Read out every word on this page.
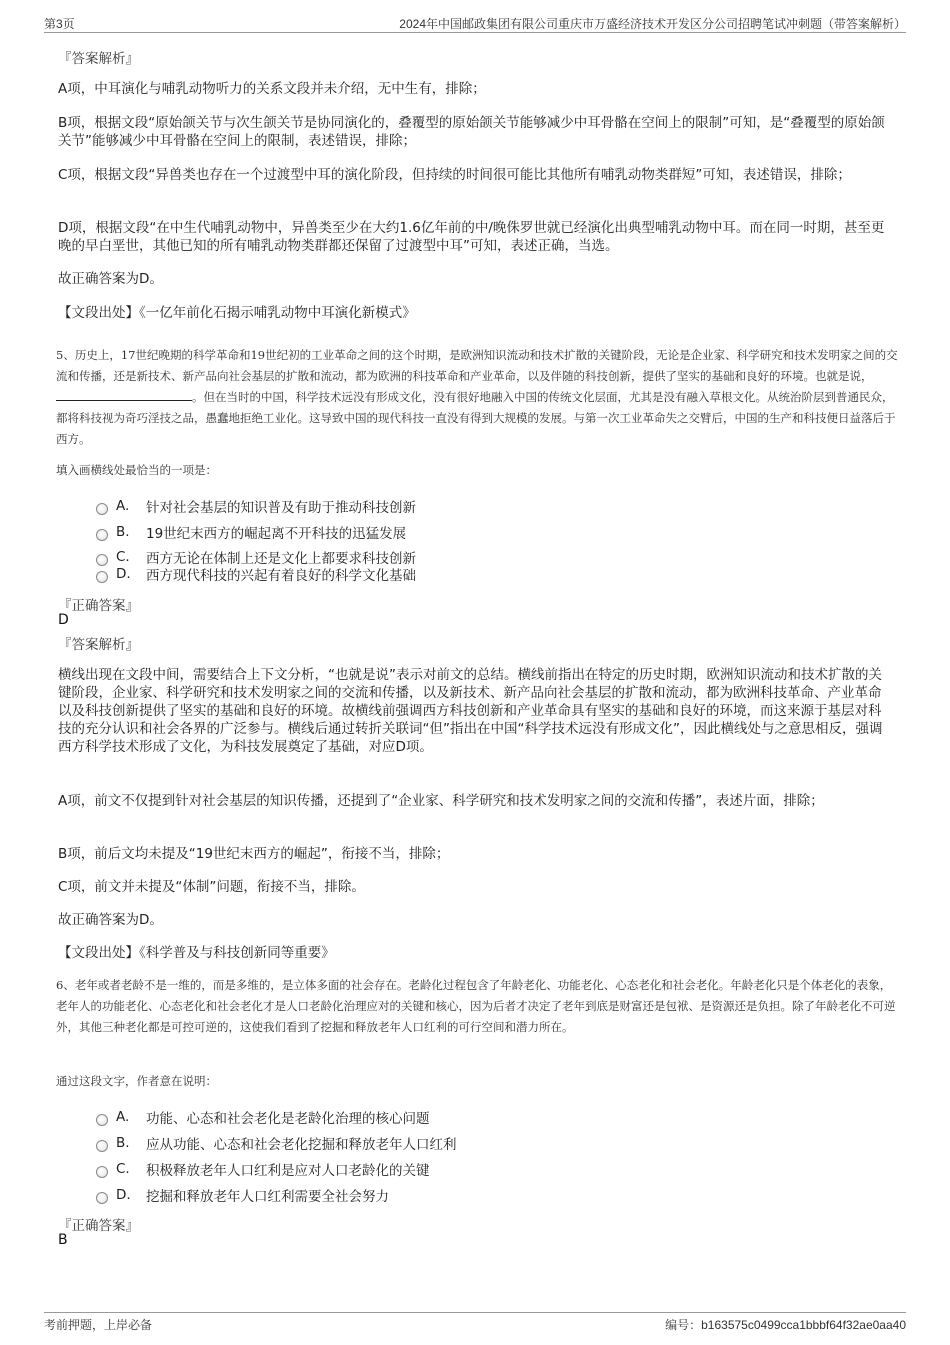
第3页	2024年中国邮政集团有限公司重庆市万盛经济技术开发区分公司招聘笔试冲刺题（带答案解析）
『答案解析』
A项，中耳演化与哺乳动物听力的关系文段并未介绍，无中生有，排除；
B项，根据文段“原始颌关节与次生颌关节是协同演化的，叠覆型的原始颌关节能够减少中耳骨骼在空间上的限制”可知，是“叠覆型的原始颌关节”能够减少中耳骨骼在空间上的限制，表述错误，排除；
C项，根据文段“异兽类也存在一个过渡型中耳的演化阶段，但持续的时间很可能比其他所有哺乳动物类群短”可知，表述错误，排除；
D项，根据文段“在中生代哺乳动物中，异兽类至少在大约1.6亿年前的中/晚侏罗世就已经演化出典型哺乳动物中耳。而在同一时期，甚至更晚的早白垩世，其他已知的所有哺乳动物类群都还保留了过渡型中耳”可知，表述正确，当选。
故正确答案为D。
【文段出处】《一亿年前化石揭示哺乳动物中耳演化新模式》
5、历史上，17世纪晚期的科学革命和19世纪初的工业革命之间的这个时期，是欧洲知识流动和技术扩散的关键阶段，无论是企业家、科学研究和技术发明家之间的交流和传播，还是新技术、新产品向社会基层的扩散和流动，都为欧洲的科技革命和产业革命，以及伴随的科技创新，提供了坚实的基础和良好的环境。也就是说，。但在当时的中国，科学技术远没有形成文化，没有很好地融入中国的传统文化层面，尤其是没有融入草根文化。从统治阶层到普通民众，都将科技视为奇巧淫技之品，愚蠢地拒绝工业化。这导致中国的现代科技一直没有得到大规模的发展。与第一次工业革命失之交臂后，中国的生产和科技便日益落后于西方。
填入画横线处最恰当的一项是：
A.	针对社会基层的知识普及有助于推动科技创新
B.	19世纪末西方的崛起离不开科技的迅猛发展
C.	西方无论在体制上还是文化上都要求科技创新
D.	西方现代科技的兴起有着良好的科学文化基础
『正确答案』
D
『答案解析』
横线出现在文段中间，需要结合上下文分析，“也就是说”表示对前文的总结。横线前指出在特定的历史时期，欧洲知识流动和技术扩散的关键阶段，企业家、科学研究和技术发明家之间的交流和传播，以及新技术、新产品向社会基层的扩散和流动，都为欧洲科技革命、产业革命以及科技创新提供了坚实的基础和良好的环境。故横线前强调西方科技创新和产业革命具有坚实的基础和良好的环境，而这来源于基层对科技的充分认识和社会各界的广泛参与。横线后通过转折关联词“但”指出在中国“科学技术远没有形成文化”，因此横线处与之意思相反，强调西方科学技术形成了文化，为科技发展奠定了基础，对应D项。
A项，前文不仅提到针对社会基层的知识传播，还提到了“企业家、科学研究和技术发明家之间的交流和传播”，表述片面，排除；
B项，前后文均未提及“19世纪末西方的崛起”，衔接不当，排除；
C项，前文并未提及“体制”问题，衔接不当，排除。
故正确答案为D。
【文段出处】《科学普及与科技创新同等重要》
6、老年或者老龄不是一维的，而是多维的，是立体多面的社会存在。老龄化过程包含了年龄老化、功能老化、心态老化和社会老化。年龄老化只是个体老化的表象，老年人的功能老化、心态老化和社会老化才是人口老龄化治理应对的关键和核心，因为后者才决定了老年到底是财富还是包袱、是资源还是负担。除了年龄老化不可逆外，其他三种老化都是可控可逆的，这使我们看到了挖掘和释放老年人口红利的可行空间和潜力所在。
通过这段文字，作者意在说明：
A.	功能、心态和社会老化是老龄化治理的核心问题
B.	应从功能、心态和社会老化挖掘和释放老年人口红利
C.	积极释放老年人口红利是应对人口老龄化的关键
D.	挖掘和释放老年人口红利需要全社会努力
『正确答案』
B
考前押题，上岸必备	编号：b163575c0499cca1bbbf64f32ae0aa40
